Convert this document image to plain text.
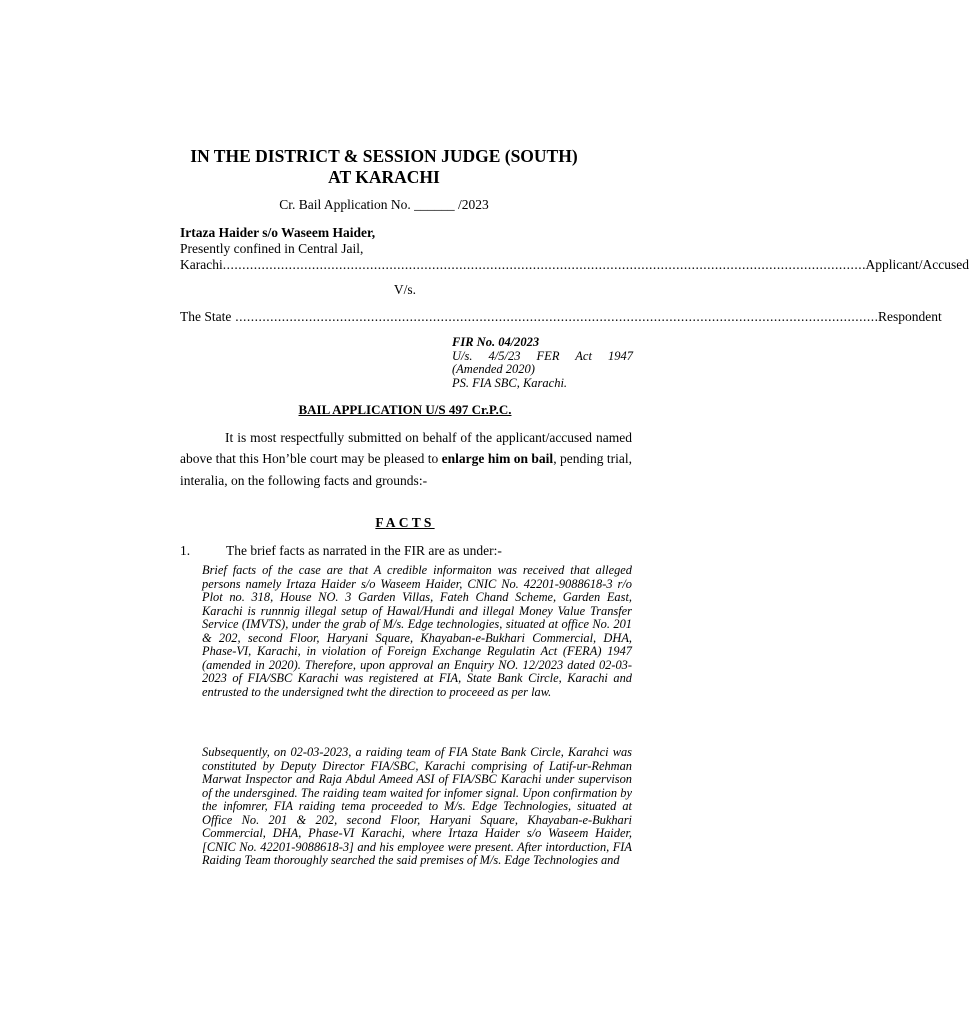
IN THE DISTRICT & SESSION JUDGE (SOUTH)
AT KARACHI
Cr. Bail Application No. ______ /2023
Irtaza Haider s/o Waseem Haider,
Presently confined in Central Jail,
Karachi ..................................................................................................................................................................... .Applicant/Accused
V/s.
The State ..................................................................................................................................................................... .Respondent
FIR No. 04/2023
U/s. 4/5/23 FER Act 1947
(Amended 2020)
PS. FIA SBC, Karachi.
BAIL APPLICATION U/S 497 Cr.P.C.
It is most respectfully submitted on behalf of the applicant/accused named above that this Hon’ble court may be pleased to enlarge him on bail, pending trial, interalia, on the following facts and grounds:-
FACTS
1.	The brief facts as narrated in the FIR are as under:-
Brief facts of the case are that A credible informaiton was received that alleged persons namely Irtaza Haider s/o Waseem Haider, CNIC No. 42201-9088618-3 r/o Plot no. 318, House NO. 3 Garden Villas, Fateh Chand Scheme, Garden East, Karachi is runnnig illegal setup of Hawal/Hundi and illegal Money Value Transfer Service (IMVTS), under the grab of M/s. Edge technologies, situated at office No. 201 & 202, second Floor, Haryani Square, Khayaban-e-Bukhari Commercial, DHA, Phase-VI, Karachi, in violation of Foreign Exchange Regulatin Act (FERA) 1947 (amended in 2020). Therefore, upon approval an Enquiry NO. 12/2023 dated 02-03-2023 of FIA/SBC Karachi was registered at FIA, State Bank Circle, Karachi and entrusted to the undersigned twht the direction to proceeed as per law.
Subsequently, on 02-03-2023, a raiding team of FIA State Bank Circle, Karahci was constituted by Deputy Director FIA/SBC, Karachi comprising of Latif-ur-Rehman Marwat Inspector and Raja Abdul Ameed ASI of FIA/SBC Karachi under supervison of the undersgined. The raiding team waited for infomer signal. Upon confirmation by the infomrer, FIA raiding tema proceeded to M/s. Edge Technologies, situated at Office No. 201 & 202, second Floor, Haryani Square, Khayaban-e-Bukhari Commercial, DHA, Phase-VI Karachi, where Irtaza Haider s/o Waseem Haider, [CNIC No. 42201-9088618-3] and his employee were present. After intorduction, FIA Raiding Team thoroughly searched the said premises of M/s. Edge Technologies and
